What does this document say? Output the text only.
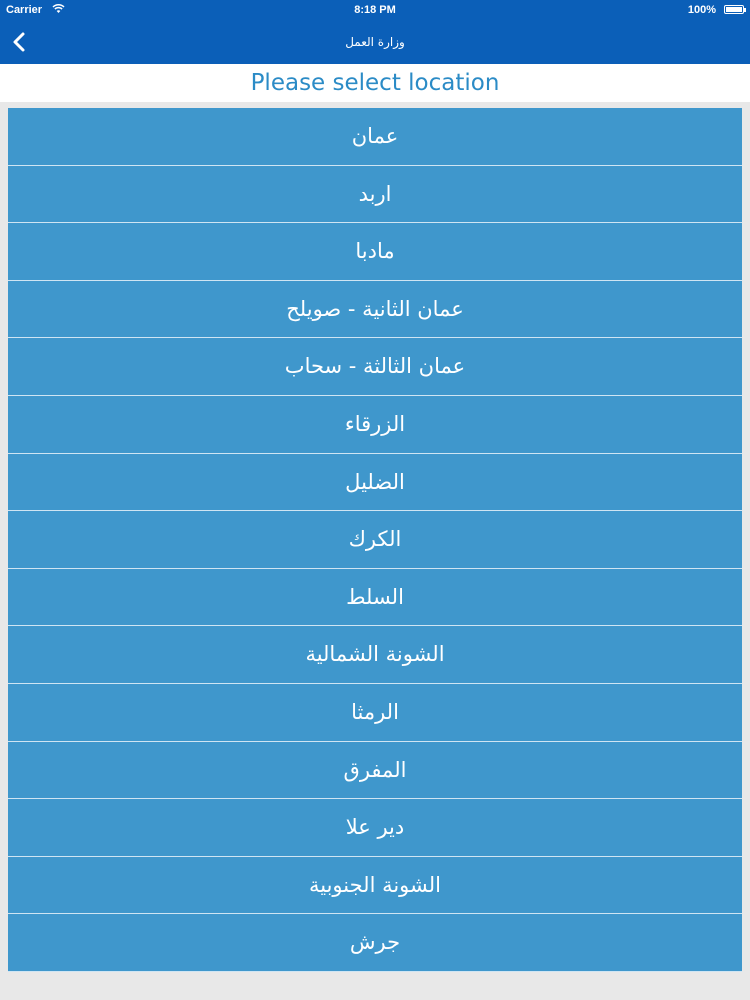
Carrier	8:18 PM	100%
وزارة العمل
Please select location
عمان
اربد
مادبا
عمان الثانية - صويلح
عمان الثالثة - سحاب
الزرقاء
الضليل
الكرك
السلط
الشونة الشمالية
الرمثا
المفرق
دير علا
الشونة الجنوبية
جرش
